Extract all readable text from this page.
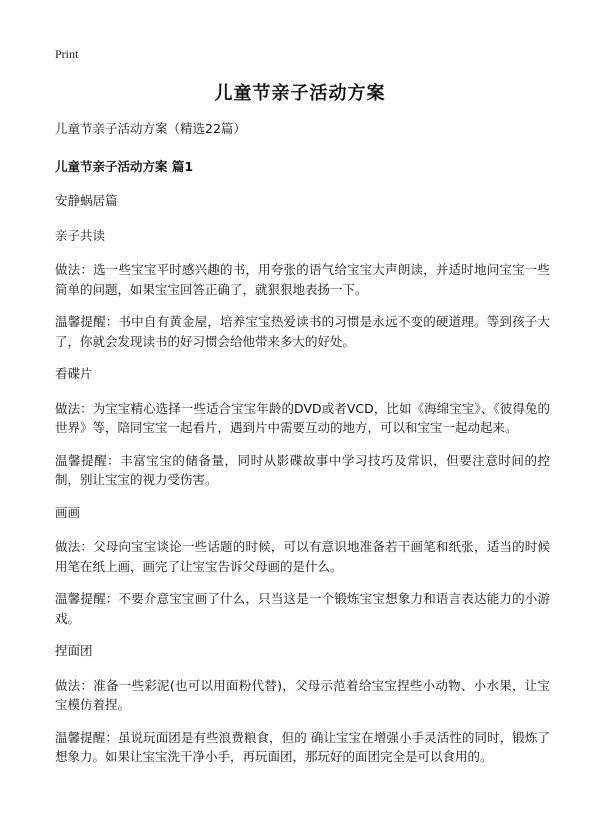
Print
儿童节亲子活动方案

儿童节亲子活动方案（精选22篇）

儿童节亲子活动方案 篇1

安静蜗居篇

亲子共读

做法：选一些宝宝平时感兴趣的书，用夸张的语气给宝宝大声朗读，并适时地问宝宝一些简单的问题，如果宝宝回答正确了，就狠狠地表扬一下。

温馨提醒：书中自有黄金屋，培养宝宝热爱读书的习惯是永远不变的硬道理。等到孩子大了，你就会发现读书的好习惯会给他带来多大的好处。

看碟片

做法：为宝宝精心选择一些适合宝宝年龄的DVD或者VCD，比如《海绵宝宝》、《彼得兔的世界》等，陪同宝宝一起看片，遇到片中需要互动的地方，可以和宝宝一起动起来。

温馨提醒：丰富宝宝的储备量，同时从影碟故事中学习技巧及常识，但要注意时间的控制，别让宝宝的视力受伤害。

画画

做法：父母向宝宝谈论一些话题的时候，可以有意识地准备若干画笔和纸张，适当的时候用笔在纸上画，画完了让宝宝告诉父母画的是什么。

温馨提醒：不要介意宝宝画了什么，只当这是一个锻炼宝宝想象力和语言表达能力的小游戏。

捏面团

做法：准备一些彩泥(也可以用面粉代替)，父母示范着给宝宝捏些小动物、小水果，让宝宝模仿着捏。

温馨提醒：虽说玩面团是有些浪费粮食，但的 确让宝宝在增强小手灵活性的同时，锻炼了想象力。如果让宝宝洗干净小手，再玩面团，那玩好的面团完全是可以食用的。
